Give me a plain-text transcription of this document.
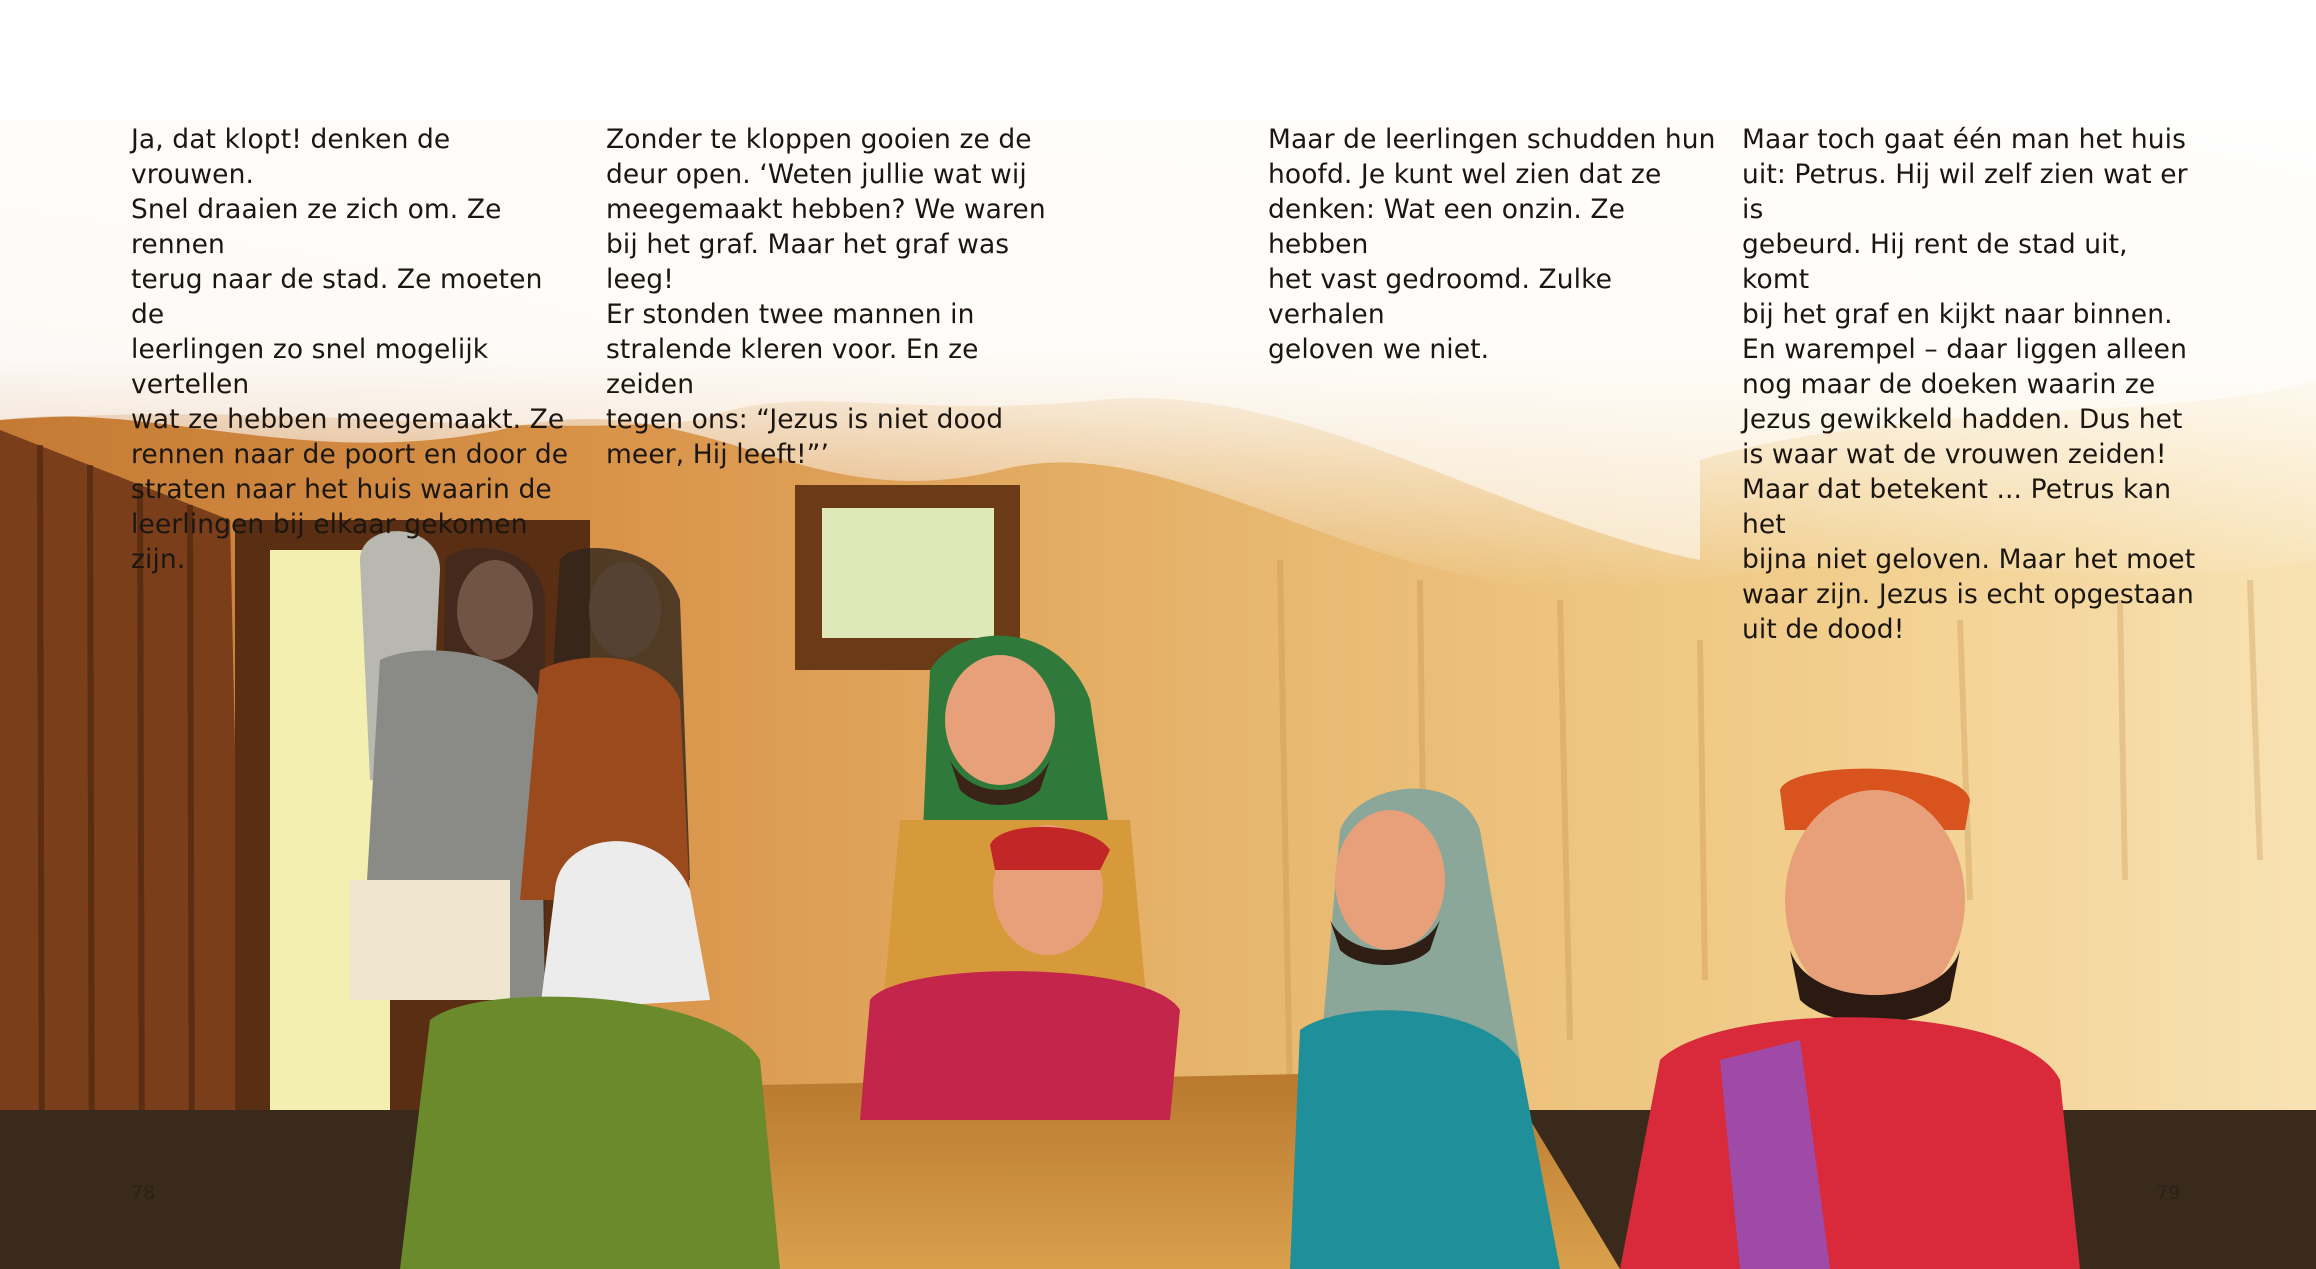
Ja, dat klopt! denken de vrouwen.
Snel draaien ze zich om. Ze rennen
terug naar de stad. Ze moeten de
leerlingen zo snel mogelijk vertellen
wat ze hebben meegemaakt. Ze
rennen naar de poort en door de
straten naar het huis waarin de
leerlingen bij elkaar gekomen zijn.
Zonder te kloppen gooien ze de
deur open. ‘Weten jullie wat wij
meegemaakt hebben? We waren
bij het graf. Maar het graf was leeg!
Er stonden twee mannen in
stralende kleren voor. En ze zeiden
tegen ons: “Jezus is niet dood
meer, Hij leeft!”’
Maar de leerlingen schudden hun
hoofd. Je kunt wel zien dat ze
denken: Wat een onzin. Ze hebben
het vast gedroomd. Zulke verhalen
geloven we niet.
Maar toch gaat één man het huis
uit: Petrus. Hij wil zelf zien wat er is
gebeurd. Hij rent de stad uit, komt
bij het graf en kijkt naar binnen.
En warempel – daar liggen alleen
nog maar de doeken waarin ze
Jezus gewikkeld hadden. Dus het
is waar wat de vrouwen zeiden!
Maar dat betekent ... Petrus kan het
bijna niet geloven. Maar het moet
waar zijn. Jezus is echt opgestaan
uit de dood!
78	79
